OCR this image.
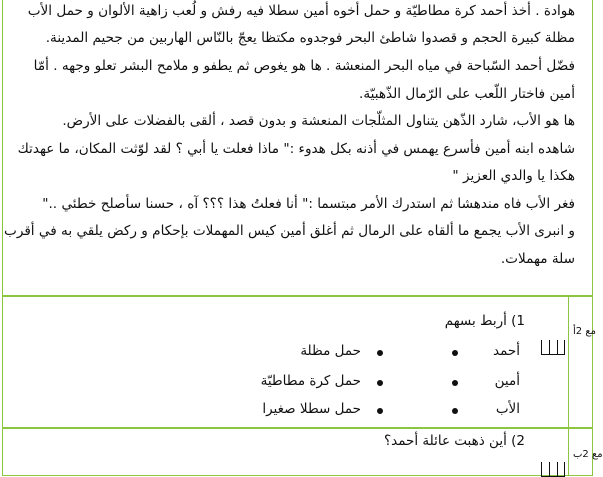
هوادة . أخذ أحمد كرة مطاطيّة و حمل أخوه أمين سطلا فيه رفش و لُعب زاهية الألوان و حمل الأب
مظلة كبيرة الحجم و قصدوا شاطئ البحر فوجدوه مكتظا يعجّ بالنّاس الهاربين من جحيم المدينة.
فضّل أحمد السّباحة في مياه البحر المنعشة . ها هو يغوص ثم يطفو و ملامح البشر تعلو وجهه . أمّا
أمين فاختار اللّعب على الرّمال الذّهبيّة.
ها هو الأب، شارد الذّهن يتناول المثلّجات المنعشة و بدون قصد ، ألقى بالفضلات على الأرض.
شاهده ابنه أمين فأسرع يهمس في أذنه بكل هدوء :" ماذا فعلت يا أبي ؟ لقد لوّثت المكان، ما عهدتك
هكذا يا والدي العزيز "
فغر الأب فاه مندهشا ثم استدرك الأمر مبتسما :" أنا فعلتُ هذا ؟؟؟ آه ، حسنا سأصلح خطئي .."
و انبرى الأب يجمع ما ألقاه على الرمال ثم أغلق أمين كيس المهملات بإحكام و ركض يلقي به في أقرب
سلة مهملات.
مع 2أ
1) أربط بسهم
أحمد
أمين
الأب
حمل مظلة
حمل كرة مطاطيّة
حمل سطلا صغيرا
مع 2ب
2) أين ذهبت عائلة أحمد؟
